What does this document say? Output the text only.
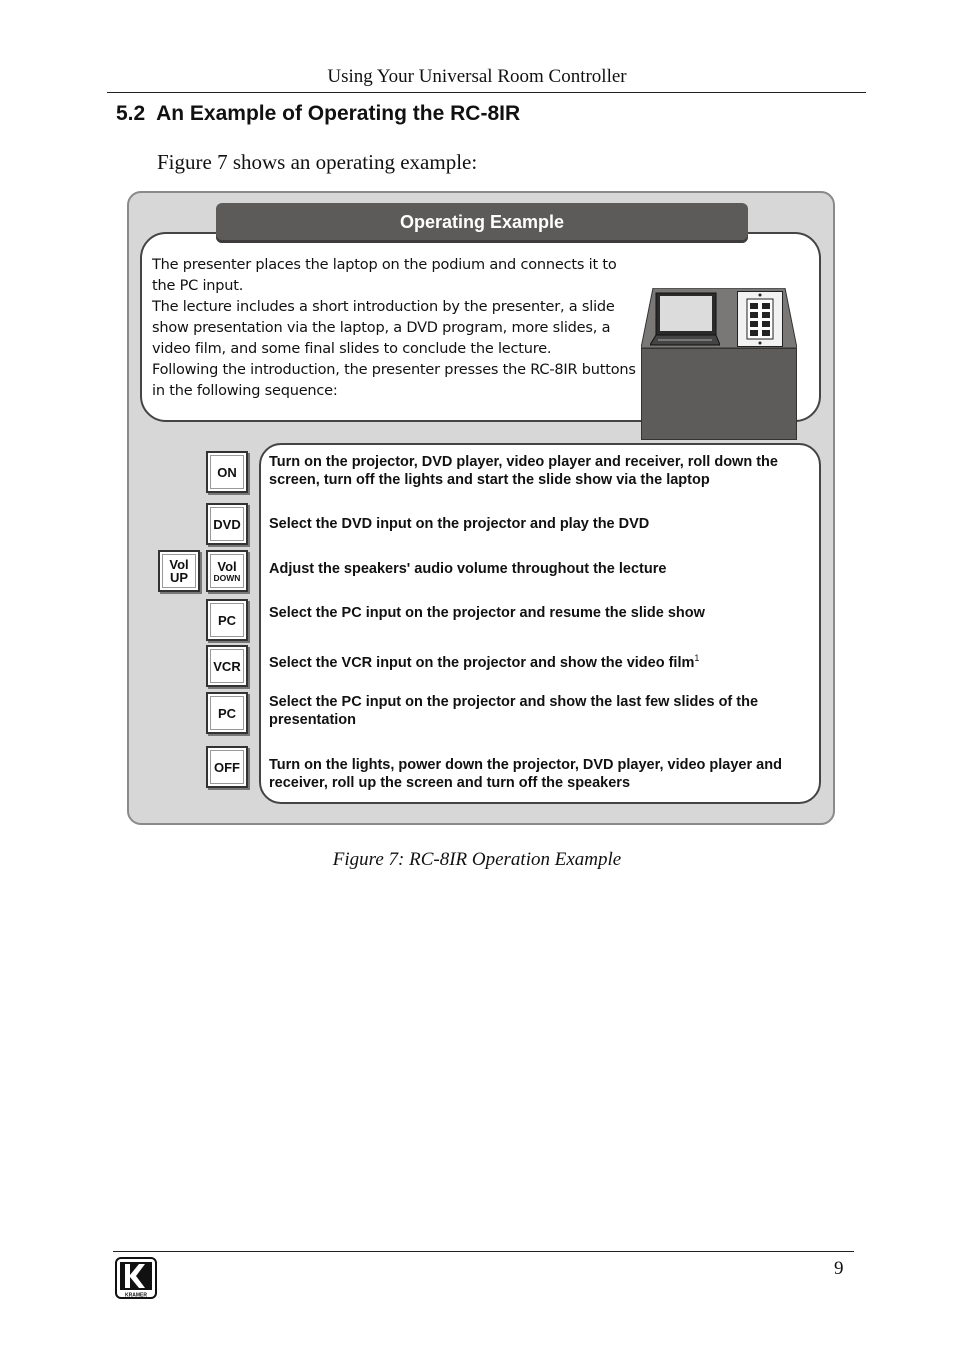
Using Your Universal Room Controller
5.2 An Example of Operating the RC-8IR
Figure 7 shows an operating example:
Operating Example

The presenter places the laptop on the podium and connects it to the PC input.

The lecture includes a short introduction by the presenter, a slide show presentation via the laptop, a DVD program, more slides, a video film, and some final slides to conclude the lecture.

Following the introduction, the presenter presses the RC-8IR buttons in the following sequence:

ON
DVD
Vol
UP
Vol
DOWN
PC
VCR
PC
OFF
Turn on the projector, DVD player, video player and receiver, roll down the screen, turn off the lights and start the slide show via the laptop
Select the DVD input on the projector and play the DVD
Adjust the speakers' audio volume throughout the lecture
Select the PC input on the projector and resume the slide show
Select the VCR input on the projector and show the video film$^1$
Select the PC input on the projector and show the last few slides of the presentation
Turn on the lights, power down the projector, DVD player, video player and receiver, roll up the screen and turn off the speakers
Figure 7: RC-8IR Operation Example
9
KRAMER
